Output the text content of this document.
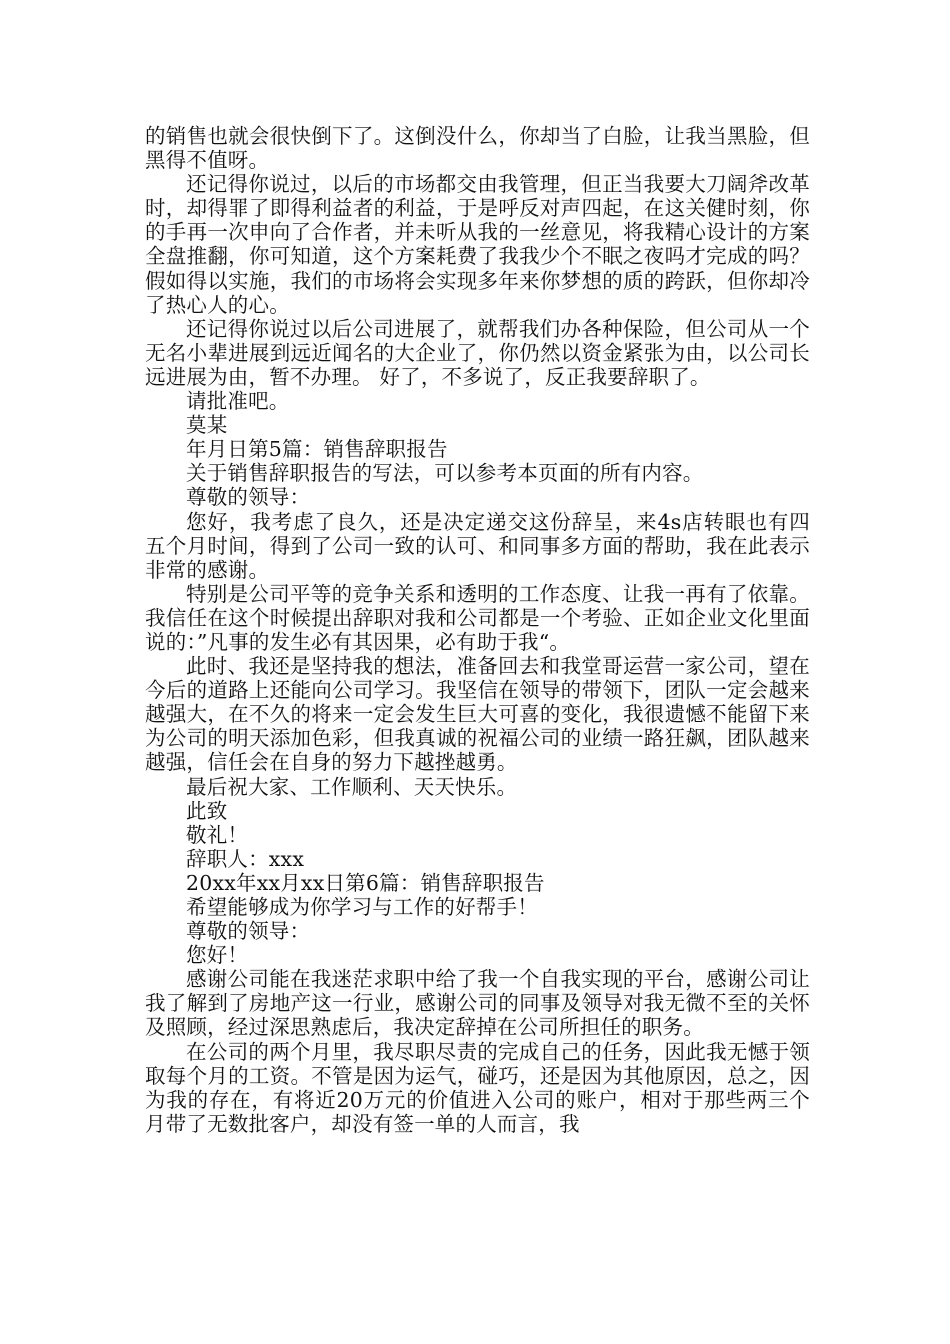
的销售也就会很快倒下了。这倒没什么，你却当了白脸，让我当黑脸，但黑得不值呀。

还记得你说过，以后的市场都交由我管理，但正当我要大刀阔斧改革时，却得罪了即得利益者的利益，于是呼反对声四起，在这关健时刻，你的手再一次申向了合作者，并未听从我的一丝意见，将我精心设计的方案全盘推翻，你可知道，这个方案耗费了我我少个不眠之夜吗才完成的吗？假如得以实施，我们的市场将会实现多年来你梦想的质的跨跃，但你却冷了热心人的心。

还记得你说过以后公司进展了，就帮我们办各种保险，但公司从一个无名小辈进展到远近闻名的大企业了，你仍然以资金紧张为由，以公司长远进展为由，暂不办理。 好了，不多说了，反正我要辞职了。

请批准吧。

莫某

年月日第5篇：销售辞职报告

关于销售辞职报告的写法，可以参考本页面的所有内容。

尊敬的领导：

您好，我考虑了良久，还是决定递交这份辞呈，来4s店转眼也有四五个月时间，得到了公司一致的认可、和同事多方面的帮助，我在此表示非常的感谢。

特别是公司平等的竞争关系和透明的工作态度、让我一再有了依靠。我信任在这个时候提出辞职对我和公司都是一个考验、正如企业文化里面说的：”凡事的发生必有其因果，必有助于我“。

此时、我还是坚持我的想法，准备回去和我堂哥运营一家公司，望在今后的道路上还能向公司学习。我坚信在领导的带领下，团队一定会越来越强大，在不久的将来一定会发生巨大可喜的变化，我很遗憾不能留下来为公司的明天添加色彩，但我真诚的祝福公司的业绩一路狂飙，团队越来越强，信任会在自身的努力下越挫越勇。

最后祝大家、工作顺利、天天快乐。

此致

敬礼！

辞职人：xxx

20xx年xx月xx日第6篇：销售辞职报告

希望能够成为你学习与工作的好帮手！

尊敬的领导：

您好！

感谢公司能在我迷茫求职中给了我一个自我实现的平台，感谢公司让我了解到了房地产这一行业，感谢公司的同事及领导对我无微不至的关怀及照顾，经过深思熟虑后，我决定辞掉在公司所担任的职务。

在公司的两个月里，我尽职尽责的完成自己的任务，因此我无憾于领取每个月的工资。不管是因为运气，碰巧，还是因为其他原因，总之，因为我的存在，有将近20万元的价值进入公司的账户，相对于那些两三个月带了无数批客户，却没有签一单的人而言，我
